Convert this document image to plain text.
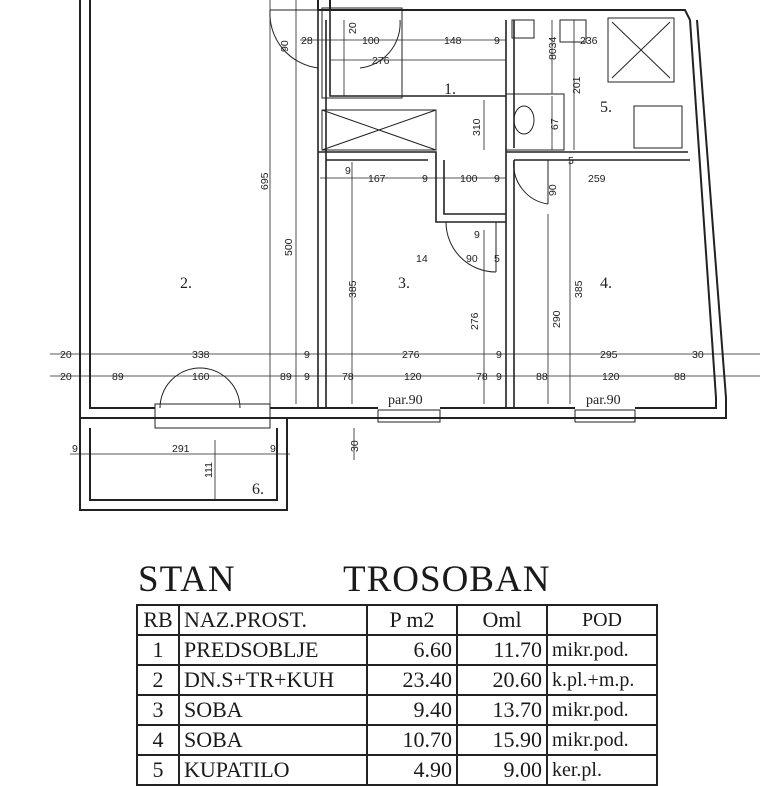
1.
2.	3.	4.
5.
6.
par.90	par.90
90 28	100	148	9	8034 236
276
20
695
500
310
201
67
385	385
290
276
111
30
9
167	9	100 9
90
5
259
9
14	90 5
20	338	9	276	9	295	30
20	89	160	89 9	78	120	78 9	88	120	88
9	291	9
STAN	TROSOBAN
RB	NAZ.PROST.	P m2	Oml	POD
1	PREDSOBLJE	6.60	11.70	mikr.pod.
2	DN.S+TR+KUH	23.40	20.60	k.pl.+m.p.
3	SOBA	9.40	13.70	mikr.pod.
4	SOBA	10.70	15.90	mikr.pod.
5	KUPATILO	4.90	9.00	ker.pl.
